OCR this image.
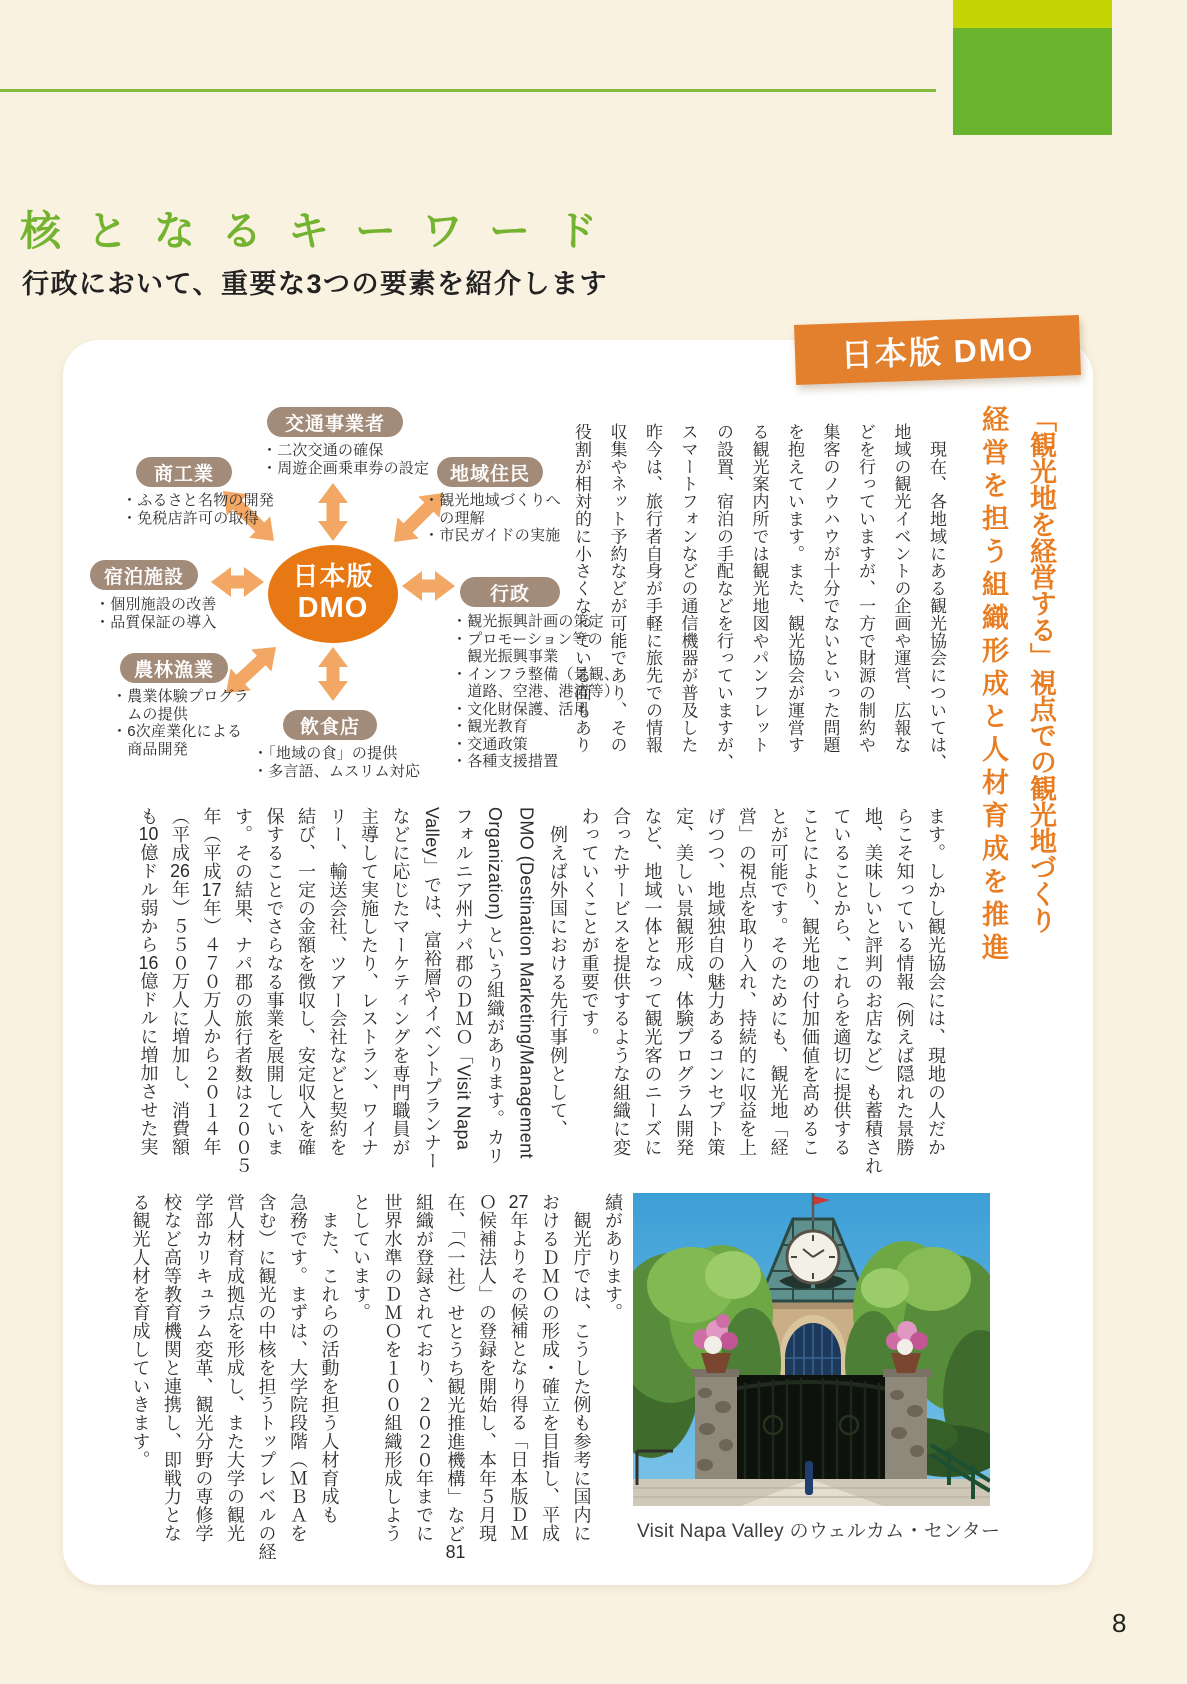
核となるキーワード

行政において、重要な3つの要素を紹介します

日本版 DMO
交通事業者
・二次交通の確保
・周遊企画乗車券の設定
商工業
・ふるさと名物の開発
・免税店許可の取得
地域住民
・観光地域づくりへ
　の理解
・市民ガイドの実施
宿泊施設
・個別施設の改善
・品質保証の導入
行政
・観光振興計画の策定
・プロモーション等の
　観光振興事業
・インフラ整備（景観、
　道路、空港、港湾等）
・文化財保護、活用
・観光教育
・交通政策
・各種支援措置
農林漁業
・農業体験プログラ
　ムの提供
・6次産業化による
　商品開発
飲食店
・「地域の食」の提供
・多言語、ムスリム対応
日本版
DMO	「観光地を経営する」視点での観光地づくり
経営を担う組織形成と人材育成を推進
　現在、各地域にある観光協会については、
地域の観光イベントの企画や運営、広報な
どを行っていますが、一方で財源の制約や
集客のノウハウが十分でないといった問題
を抱えています。また、観光協会が運営す
る観光案内所では観光地図やパンフレット
の設置、宿泊の手配などを行っていますが、
スマートフォンなどの通信機器が普及した
昨今は、旅行者自身が手軽に旅先での情報
収集やネット予約などが可能であり、その
役割が相対的に小さくなっている面もあり
ます。しかし観光協会には、現地の人だか
らこそ知っている情報（例えば隠れた景勝
地、美味しいと評判のお店など）も蓄積され
ていることから、これらを適切に提供する
ことにより、観光地の付加価値を高めるこ
とが可能です。そのためにも、観光地「経
営」の視点を取り入れ、持続的に収益を上
げつつ、地域独自の魅力あるコンセプト策
定、美しい景観形成、体験プログラム開発
など、地域一体となって観光客のニーズに
合ったサービスを提供するような組織に変
わっていくことが重要です。
　例えば外国における先行事例として、
DMO (Destination Marketing/Management
Organization) という組織があります。カリ
フォルニア州ナパ郡のＤＭＯ「Visit Napa
Valley」では、富裕層やイベントプランナー
などに応じたマーケティングを専門職員が
主導して実施したり、レストラン、ワイナ
リー、輸送会社、ツアー会社などと契約を
結び、一定の金額を徴収し、安定収入を確
保することでさらなる事業を展開していま
す。その結果、ナパ郡の旅行者数は２００５
年（平成17年）４７０万人から２０１４年
（平成26年）５５０万人に増加し、消費額
も10億ドル弱から16億ドルに増加させた実
績があります。
　観光庁では、こうした例も参考に国内に
おけるＤＭＯの形成・確立を目指し、平成
27年よりその候補となり得る「日本版ＤＭ
Ｏ候補法人」の登録を開始し、本年５月現
在、「（一社）せとうち観光推進機構」など81
組織が登録されており、２０２０年までに
世界水準のＤＭＯを１００組織形成しよう
としています。
　また、これらの活動を担う人材育成も
急務です。まずは、大学院段階（ＭＢＡを
含む）に観光の中核を担うトップレベルの経
営人材育成拠点を形成し、また大学の観光
学部カリキュラム変革、観光分野の専修学
校など高等教育機関と連携し、即戦力とな
る観光人材を育成していきます。
Visit Napa Valley のウェルカム・センター
8
